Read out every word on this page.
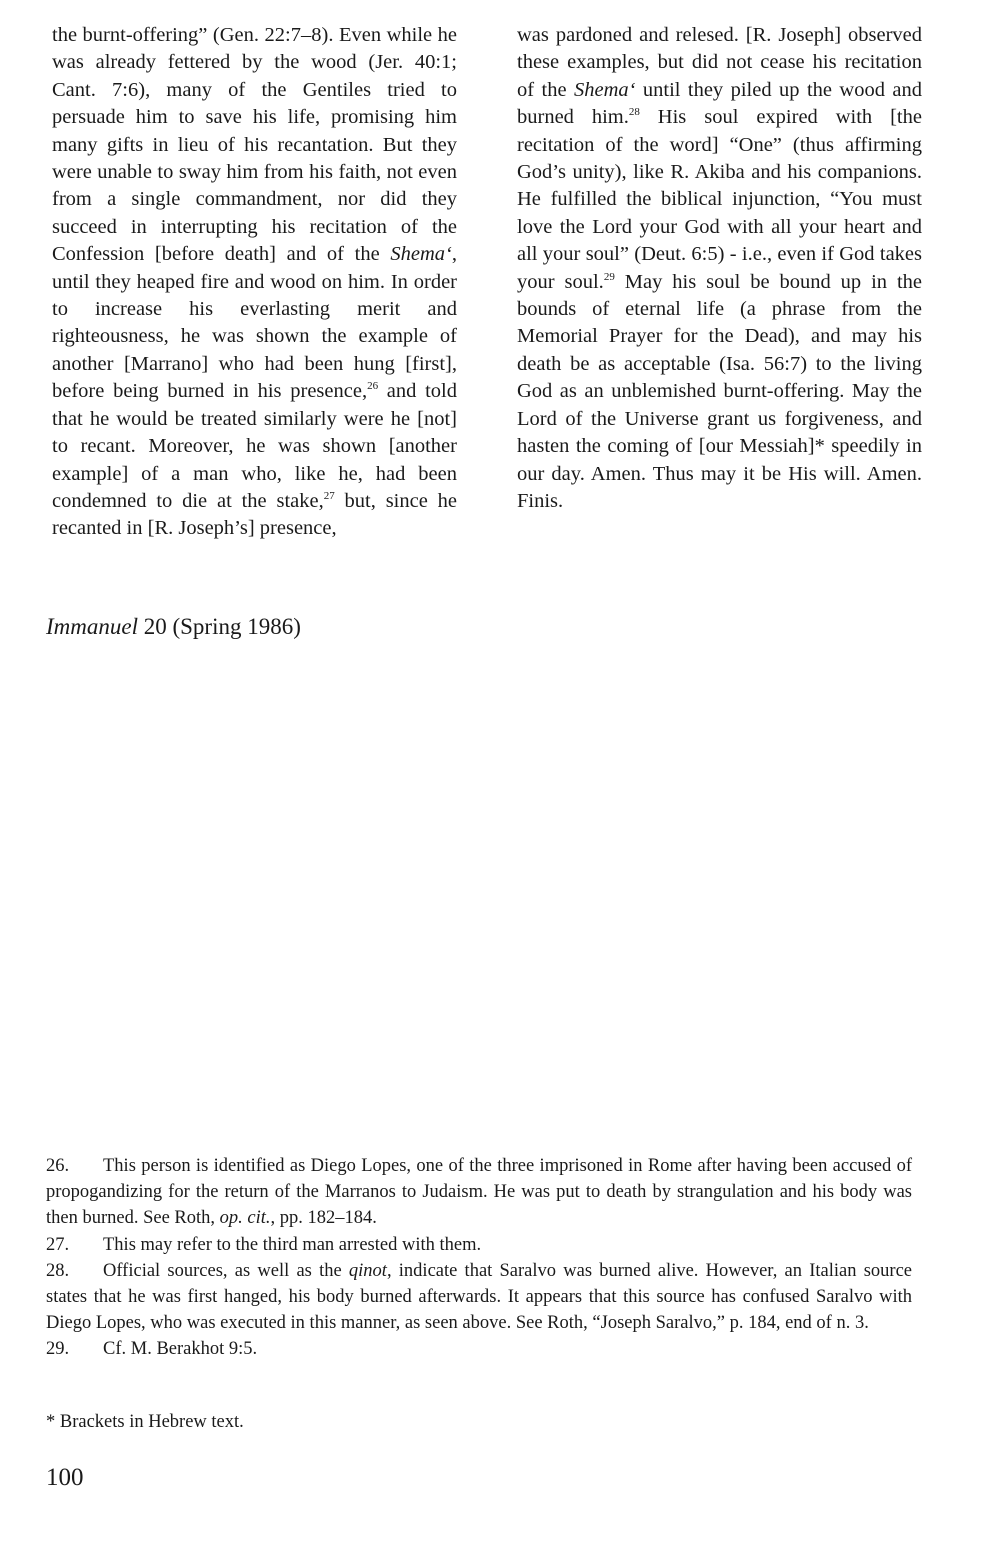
the burnt-offering” (Gen. 22:7–8). Even while he was already fettered by the wood (Jer. 40:1; Cant. 7:6), many of the Gentiles tried to persuade him to save his life, promising him many gifts in lieu of his recantation. But they were unable to sway him from his faith, not even from a single commandment, nor did they succeed in interrupting his recitation of the Confession [before death] and of the Shema‘, until they heaped fire and wood on him. In order to increase his everlasting merit and righteousness, he was shown the example of another [Marrano] who had been hung [first], before being burned in his presence,$^{26}$ and told that he would be treated similarly were he [not] to recant. Moreover, he was shown [another example] of a man who, like he, had been condemned to die at the stake,$^{27}$ but, since he recanted in [R. Joseph’s] presence,

was pardoned and relesed. [R. Joseph] observed these examples, but did not cease his recitation of the Shema‘ until they piled up the wood and burned him.$^{28}$ His soul expired with [the recitation of the word] “One” (thus affirming God’s unity), like R. Akiba and his companions. He fulfilled the biblical injunction, “You must love the Lord your God with all your heart and all your soul” (Deut. 6:5) - i.e., even if God takes your soul.$^{29}$ May his soul be bound up in the bounds of eternal life (a phrase from the Memorial Prayer for the Dead), and may his death be as acceptable (Isa. 56:7) to the living God as an unblemished burnt-offering. May the Lord of the Universe grant us forgiveness, and hasten the coming of [our Messiah]* speedily in our day. Amen. Thus may it be His will. Amen. Finis.

Immanuel 20 (Spring 1986)

26. This person is identified as Diego Lopes, one of the three imprisoned in Rome after having been accused of propogandizing for the return of the Marranos to Judaism. He was put to death by strangulation and his body was then burned. See Roth, op. cit., pp. 182–184.

27. This may refer to the third man arrested with them.

28. Official sources, as well as the qinot, indicate that Saralvo was burned alive. However, an Italian source states that he was first hanged, his body burned afterwards. It appears that this source has confused Saralvo with Diego Lopes, who was executed in this manner, as seen above. See Roth, “Joseph Saralvo,” p. 184, end of n. 3.

29. Cf. M. Berakhot 9:5.

* Brackets in Hebrew text.
100
